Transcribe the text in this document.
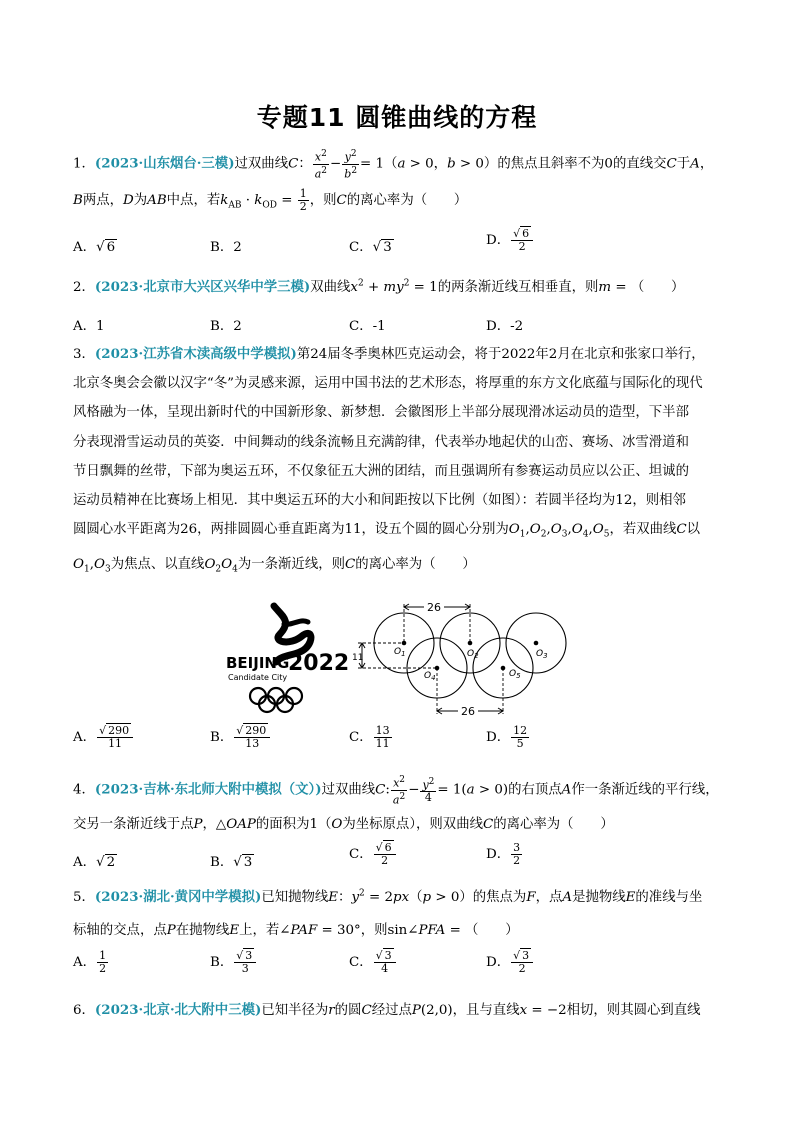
专题11 圆锥曲线的方程
1．(2023·山东烟台·三模)过双曲线C： $\frac{x^2}{a^2} - \frac{y^2}{b^2} = 1(a > 0$，b > 0）的焦点且斜率不为0的直线交C于A，
B两点，D为AB中点，若$k_{AB} \cdot k_{OD} = \frac{1}{2}$ ，则C的离心率为（　　）
A．√ 6	B．2	C．√ 3	D． $\frac{√ 6}{2}$
2．(2023·北京市大兴区兴华中学三模)双曲线$x^2 + my^2 = 1$的两条渐近线互相垂直，则m = （　　）
A．1	B．2	C．-1	D．-2
3．(2023·江苏省木渎高级中学模拟)第24届冬季奥林匹克运动会，将于2022年2月在北京和张家口举行，
北京冬奥会会徽以汉字“冬”为灵感来源，运用中国书法的艺术形态，将厚重的东方文化底蕴与国际化的现代
风格融为一体，呈现出新时代的中国新形象、新梦想．会徽图形上半部分展现滑冰运动员的造型，下半部
分表现滑雪运动员的英姿．中间舞动的线条流畅且充满韵律，代表举办地起伏的山峦、赛场、冰雪滑道和
节日飘舞的丝带，下部为奥运五环，不仅象征五大洲的团结，而且强调所有参赛运动员应以公正、坦诚的
运动员精神在比赛场上相见．其中奥运五环的大小和间距按以下比例（如图）：若圆半径均为12，则相邻
圆圆心水平距离为26，两排圆圆心垂直距离为11，设五个圆的圆心分别为$O_1,O_2,O_3,O_4,O_5$，若双曲线C以
$O_1,O_3$为焦点、以直线$O_2O_4$为一条渐近线，则C的离心率为（　　）
BEIJING
2022
Candidate City
26
26
11
$O_1$	$O_2$	$O_3$
$O_4$	$O_5$
A． $\frac{√ 290}{11}$	B． $\frac{√ 290}{13}$	C． $\frac{13}{11}$	D． $\frac{12}{5}$
4．(2023·吉林·东北师大附中模拟（文）)过双曲线C: $\frac{x^2}{a^2} - \frac{y^2}{4} = 1(a > 0)$的右顶点A作一条渐近线的平行线，
交另一条渐近线于点P，△OAP的面积为1（O为坐标原点），则双曲线C的离心率为（　　）
A．√ 2	B．√ 3
C． $\frac{√ 6}{2}$	D． $\frac{3}{2}$
5．(2023·湖北·黄冈中学模拟)已知抛物线E：$y^2 = 2px(p > 0)$的焦点为F，点A是抛物线E的准线与坐
标轴的交点，点P在抛物线E上，若∠PAF = 30°，则sin∠PFA = （　　）
A． $\frac{1}{2}$	B． $\frac{√ 3}{3}$	C． $\frac{√ 3}{4}$	D． $\frac{√ 3}{2}$
6．(2023·北京·北大附中三模)已知半径为r的圆C经过点P(2,0)，且与直线x = −2相切，则其圆心到直线
